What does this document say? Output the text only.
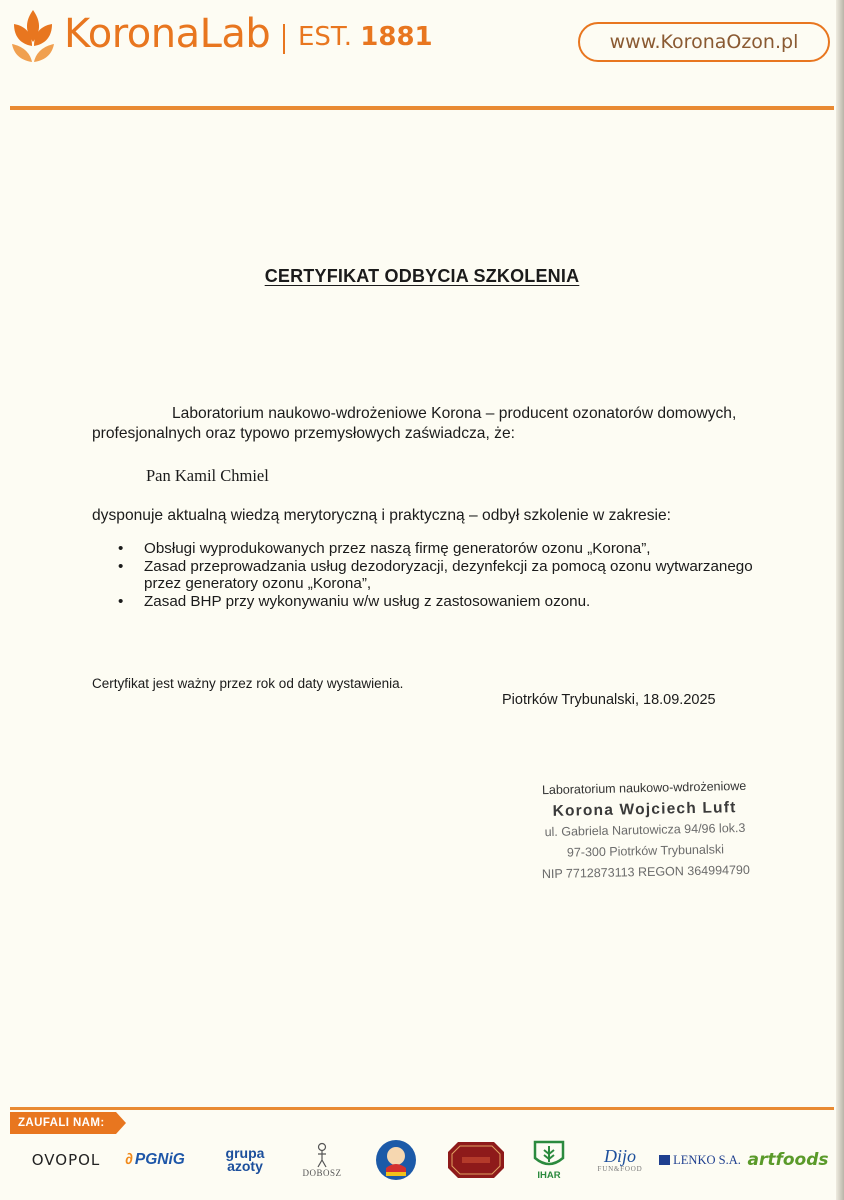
KoronaLab EST. 1881	www.KoronaOzon.pl
CERTYFIKAT ODBYCIA SZKOLENIA
Laboratorium naukowo-wdrożeniowe Korona – producent ozonatorów domowych,
profesjonalnych oraz typowo przemysłowych zaświadcza, że:
Pan Kamil Chmiel
dysponuje aktualną wiedzą merytoryczną i praktyczną – odbył szkolenie w zakresie:
• Obsługi wyprodukowanych przez naszą firmę generatorów ozonu „Korona”,
• Zasad przeprowadzania usług dezodoryzacji, dezynfekcji za pomocą ozonu wytwarzanego przez generatory ozonu „Korona”,
• Zasad BHP przy wykonywaniu w/w usług z zastosowaniem ozonu.
Certyfikat jest ważny przez rok od daty wystawienia.
Piotrków Trybunalski, 18.09.2025
Laboratorium naukowo-wdrożeniowe
Korona Wojciech Luft
ul. Gabriela Narutowicza 94/96 lok.3
97-300 Piotrków Trybunalski
NIP 7712873113 REGON 364994790
ZAUFALI NAM:
OVOPOL ∂ PGNiG	grupa
azoty	DOBOSZ	IHAR
Dijo
FUN&FOOD
LENKO S.A. artfoods
